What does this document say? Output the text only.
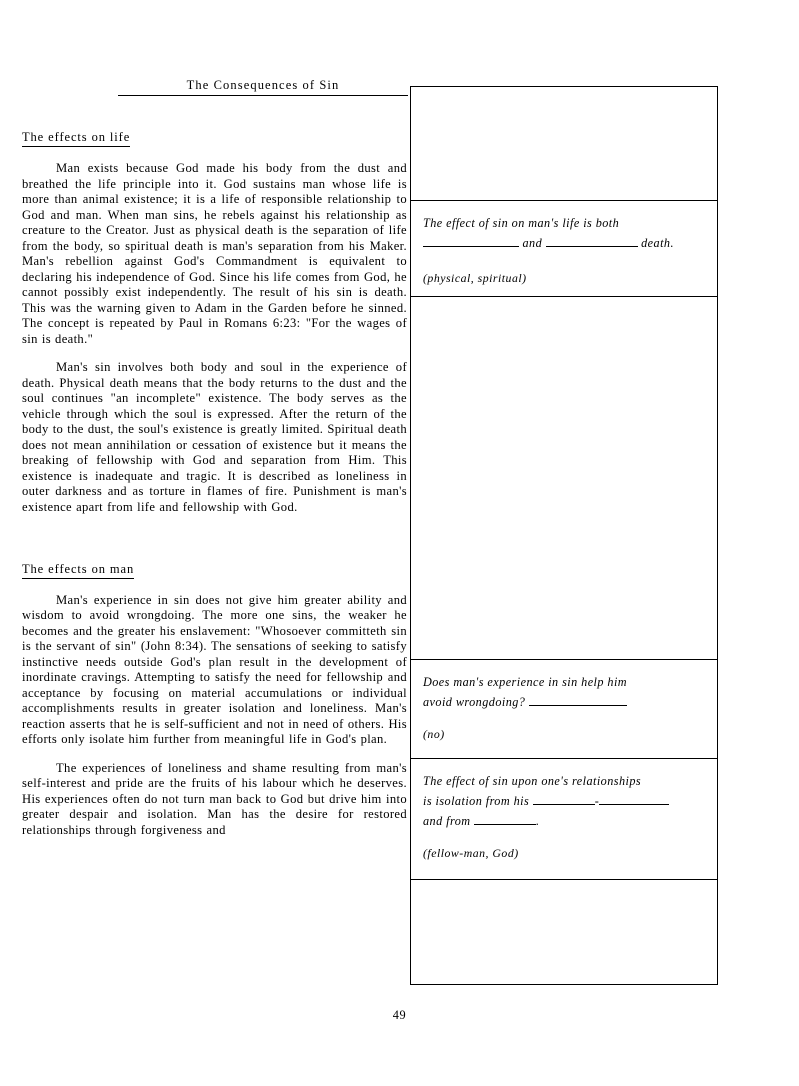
The Consequences of Sin
The effects on life

Man exists because God made his body from the dust and breathed the life principle into it. God sustains man whose life is more than animal existence; it is a life of responsible relationship to God and man. When man sins, he rebels against his relationship as creature to the Creator. Just as physical death is the separation of life from the body, so spiritual death is man's separation from his Maker. Man's rebellion against God's Commandment is equivalent to declaring his independence of God. Since his life comes from God, he cannot possibly exist independently. The result of his sin is death. This was the warning given to Adam in the Garden before he sinned. The concept is repeated by Paul in Romans 6:23: "For the wages of sin is death."

Man's sin involves both body and soul in the experience of death. Physical death means that the body returns to the dust and the soul continues "an incomplete" existence. The body serves as the vehicle through which the soul is expressed. After the return of the body to the dust, the soul's existence is greatly limited. Spiritual death does not mean annihilation or cessation of existence but it means the breaking of fellowship with God and separation from Him. This existence is inadequate and tragic. It is described as loneliness in outer darkness and as torture in flames of fire. Punishment is man's existence apart from life and fellowship with God.

The effects on man

Man's experience in sin does not give him greater ability and wisdom to avoid wrongdoing. The more one sins, the weaker he becomes and the greater his enslavement: "Whosoever committeth sin is the servant of sin" (John 8:34). The sensations of seeking to satisfy instinctive needs outside God's plan result in the development of inordinate cravings. Attempting to satisfy the need for fellowship and acceptance by focusing on material accumulations or individual accomplishments results in greater isolation and loneliness. Man's reaction asserts that he is self-sufficient and not in need of others. His efforts only isolate him further from meaningful life in God's plan.

The experiences of loneliness and shame resulting from man's self-interest and pride are the fruits of his labour which he deserves. His experiences often do not turn man back to God but drive him into greater despair and isolation. Man has the desire for restored relationships through forgiveness and

The effect of sin on man's life is both
and	death.
(physical, spiritual)
Does man's experience in sin help him
avoid wrongdoing?
(no)
The effect of sin upon one's relationships
is isolation from his	-
and from	.
(fellow-man, God)
49
